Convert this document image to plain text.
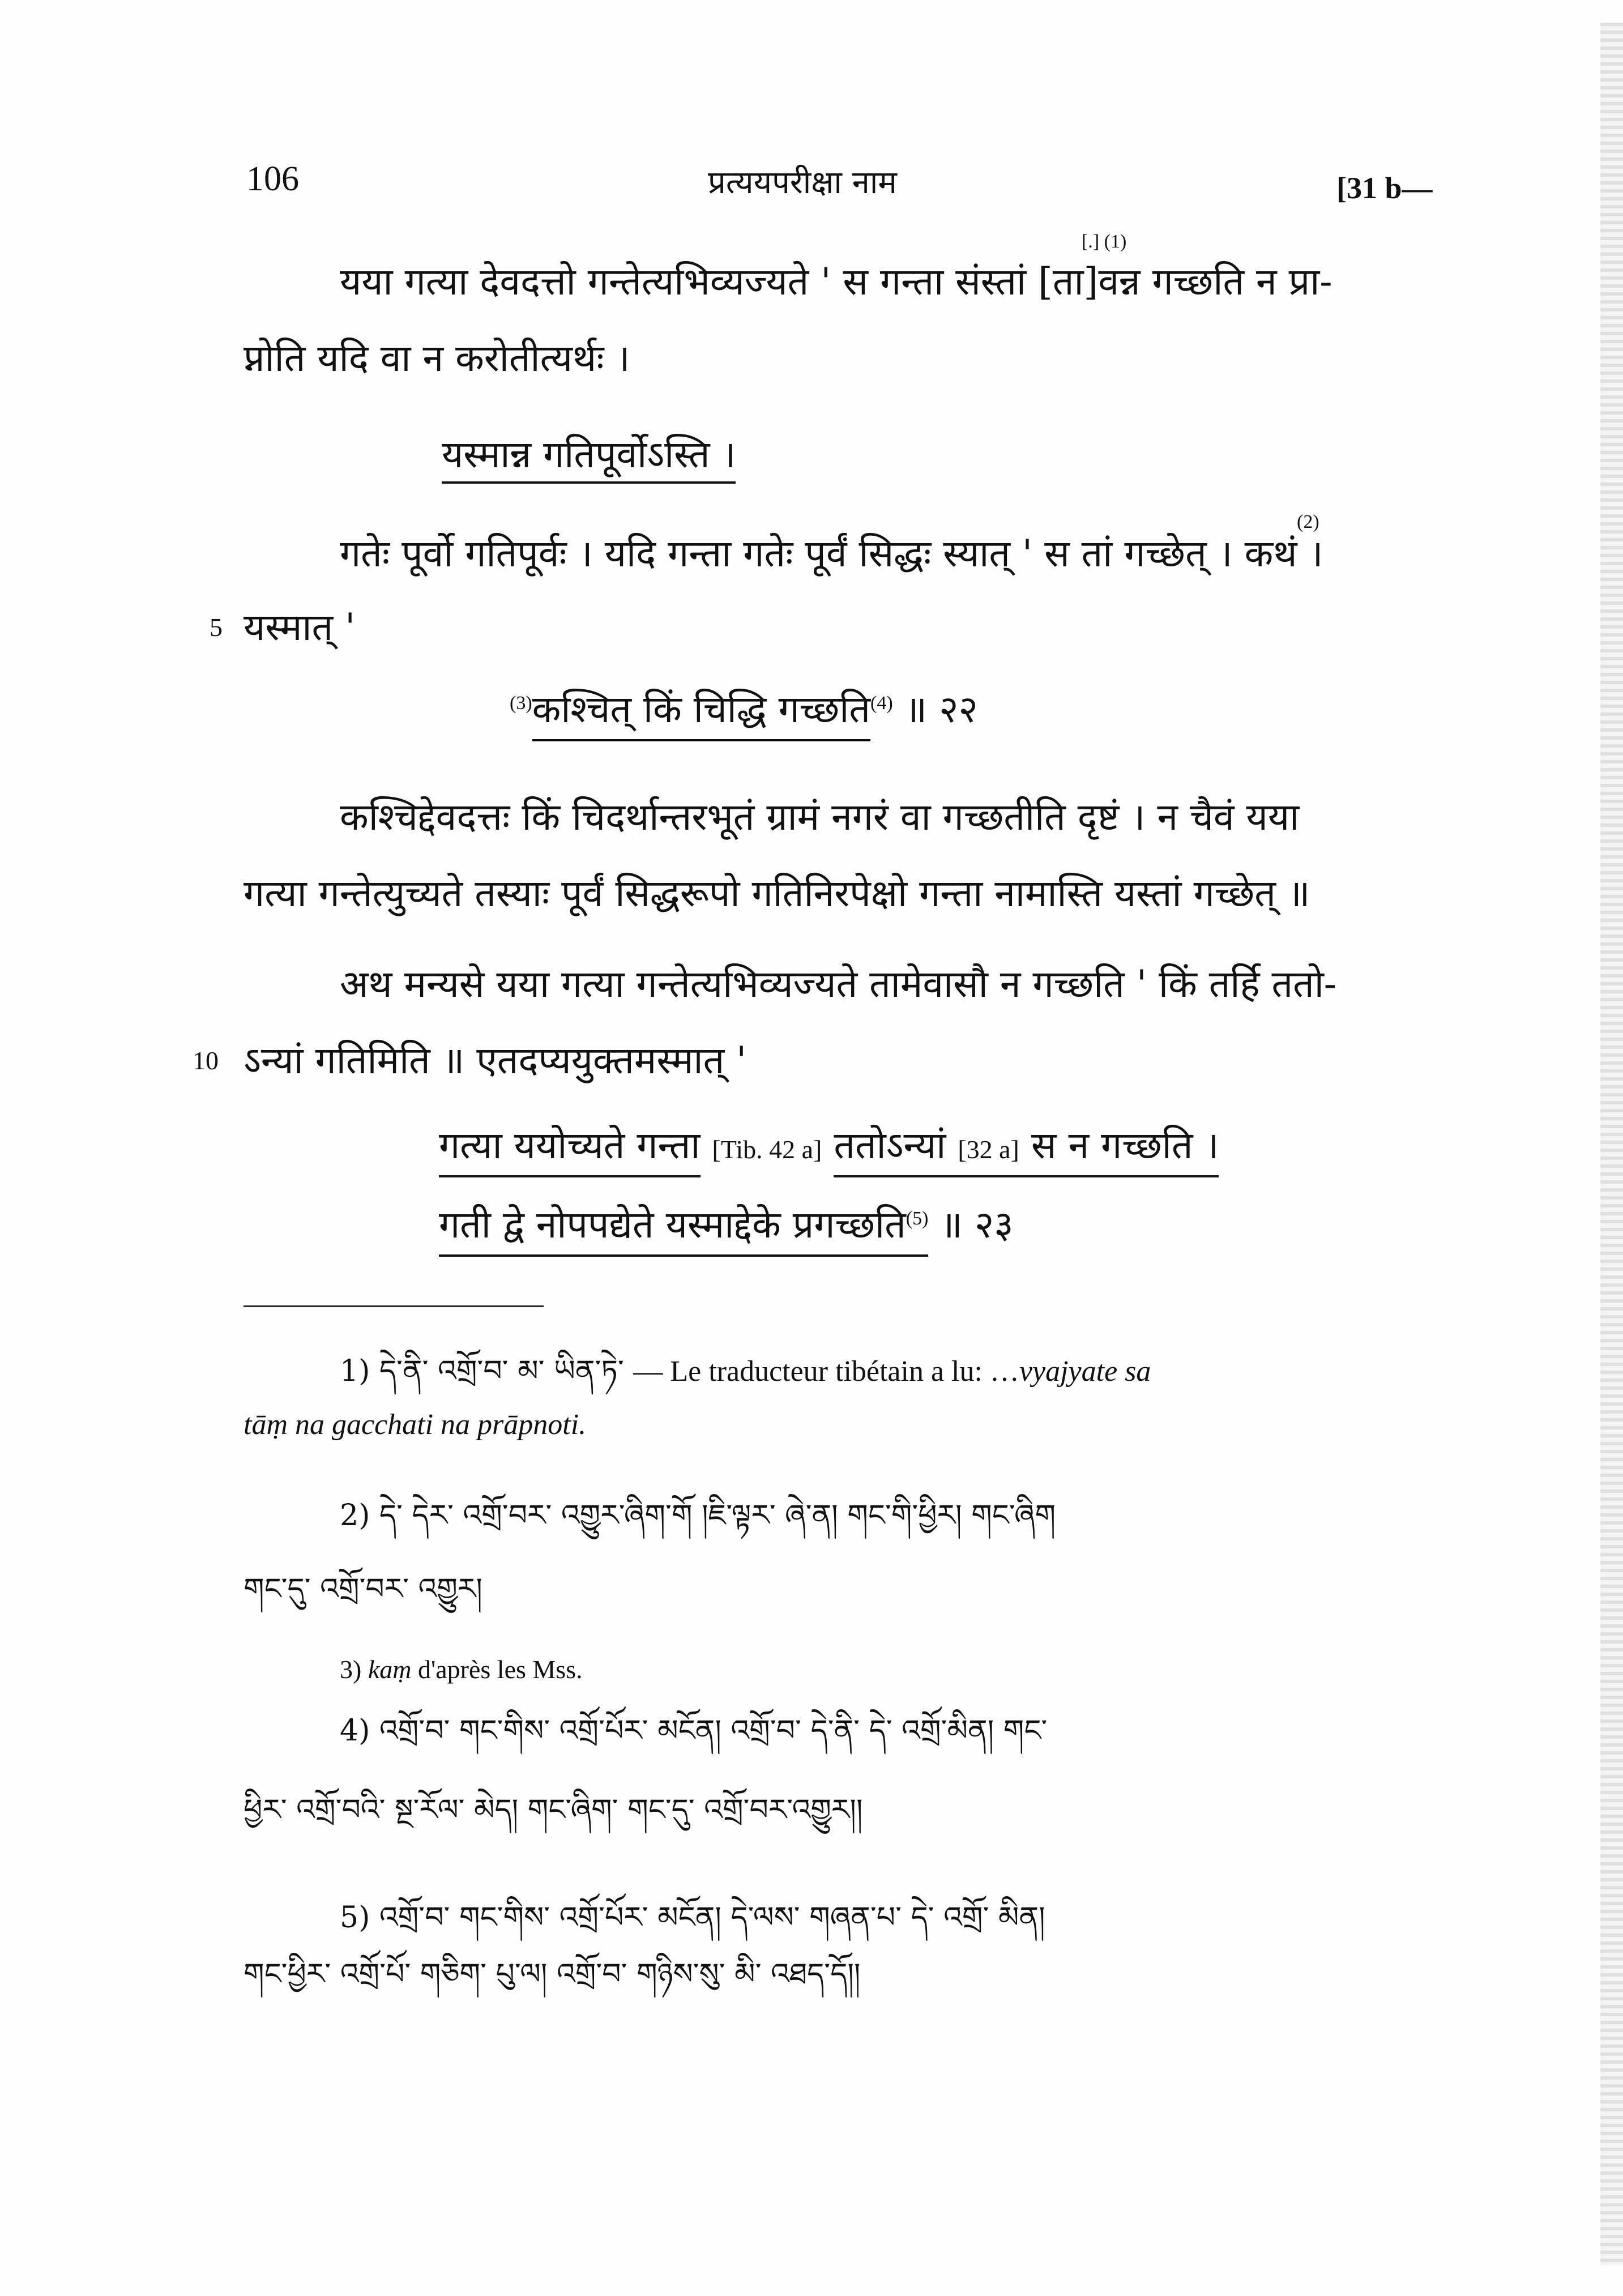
106	प्रत्ययपरीक्षा नाम	[31 b—
यया गत्या देवदत्तो गन्तेत्यभिव्यज्यते ' स गन्ता संस्तां [ता]वन्न गच्छति न प्रा-
[.] (1)
प्नोति यदि वा न करोतीत्यर्थः ।
यस्मान्न गतिपूर्वोऽस्ति ।
गतेः पूर्वो गतिपूर्वः । यदि गन्ता गतेः पूर्वं सिद्धः स्यात् ' स तां गच्छेत् । कथं ।
(2)
5 यस्मात् '
$^{(3)}$कश्चित् किं चिद्धि गच्छति$^{(4)}$ ॥ २२
कश्चिद्देवदत्तः किं चिदर्थान्तरभूतं ग्रामं नगरं वा गच्छतीति दृष्टं । न चैवं यया
गत्या गन्तेत्युच्यते तस्याः पूर्वं सिद्धरूपो गतिनिरपेक्षो गन्ता नामास्ति यस्तां गच्छेत् ॥
अथ मन्यसे यया गत्या गन्तेत्यभिव्यज्यते तामेवासौ न गच्छति ' किं तर्हि ततो-
10 ऽन्यां गतिमिति ॥ एतदप्ययुक्तमस्मात् '
गत्या ययोच्यते गन्ता [Tib. 42 a] ततोऽन्यां [32 a] स न गच्छति ।
गती द्वे नोपपद्येते यस्माद्देके प्रगच्छति$^{(5)}$ ॥ २३
1) དེ་ནི་ འགྲོ་བ་ མ་ ཡིན་ཏེ་ — Le traducteur tibétain a lu: …vyajyate sa
tāṃ na gacchati na prāpnoti.
2) དེ་ དེར་ འགྲོ་བར་ འགྱུར་ཞིག་གོ །ཇི་ལྟར་ ཞེ་ན། གང་གི་ཕྱིར། གང་ཞིག
གང་དུ་ འགྲོ་བར་ འགྱུར།
3) kaṃ d'après les Mss.
4) འགྲོ་བ་ གང་གིས་ འགྲོ་པོར་ མངོན། འགྲོ་བ་ དེ་ནི་ དེ་ འགྲོ་མིན། གང་
ཕྱིར་ འགྲོ་བའི་ སྔ་རོལ་ མེད། གང་ཞིག་ གང་དུ་ འགྲོ་བར་འགྱུར།།
5) འགྲོ་བ་ གང་གིས་ འགྲོ་པོར་ མངོན། དེ་ལས་ གཞན་པ་ དེ་ འགྲོ་ མིན།
གང་ཕྱིར་ འགྲོ་པོ་ གཅིག་ པུ་ལ། འགྲོ་བ་ གཉིས་སུ་ མི་ འཐད་དོ།།
